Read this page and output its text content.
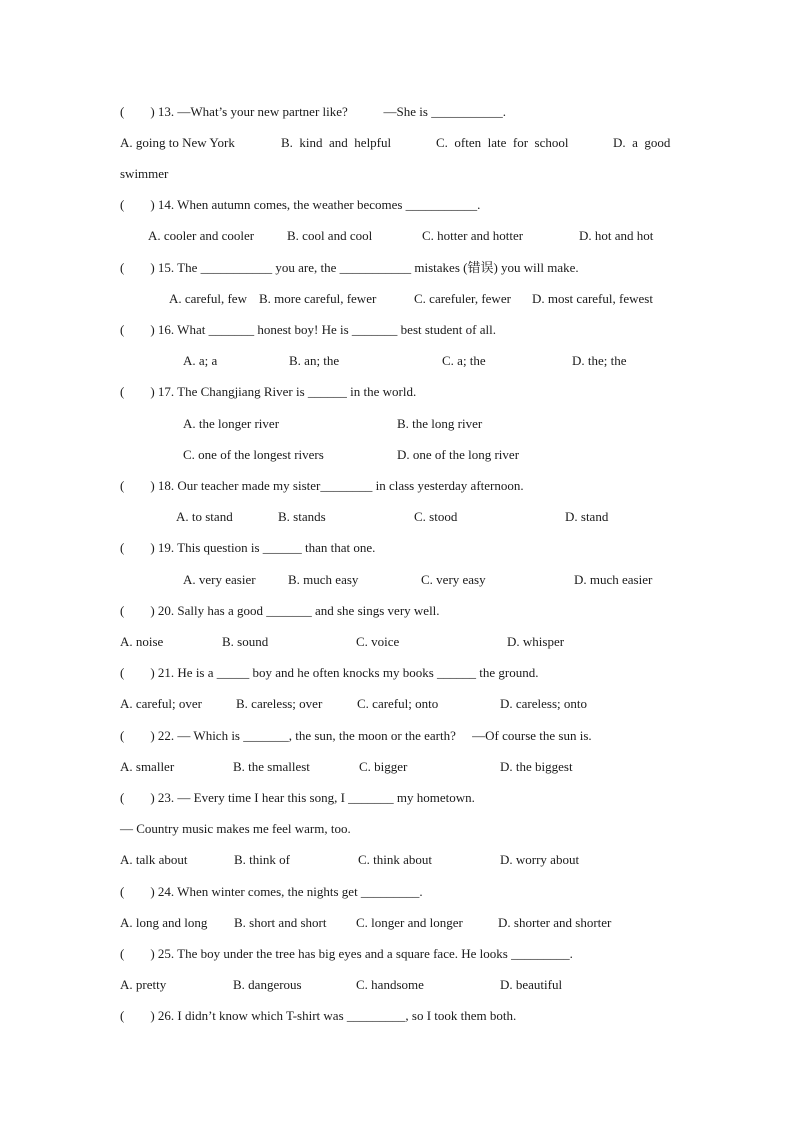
(        ) 13. —What’s your new partner like?           —She is ___________.
A. going to New York	B.  kind  and  helpful	C.  often  late  for  school	D.  a  good
swimmer
(        ) 14. When autumn comes, the weather becomes ___________.
A. cooler and cooler	B. cool and cool	C. hotter and hotter	D. hot and hot
(        ) 15. The ___________ you are, the ___________ mistakes (错误) you will make.
A. careful, few B. more careful, fewer	C. carefuler, fewer D. most careful, fewest
(        ) 16. What _______ honest boy! He is _______ best student of all.
A. a; a	B. an; the	C. a; the	D. the; the
(        ) 17. The Changjiang River is ______ in the world.
A. the longer river	B. the long river
C. one of the longest rivers	D. one of the long river
(        ) 18. Our teacher made my sister________ in class yesterday afternoon.
A. to stand	B. stands	C. stood	D. stand
(        ) 19. This question is ______ than that one.
A. very easier B. much easy	C. very easy	D. much easier
(        ) 20. Sally has a good _______ and she sings very well.
A. noise	B. sound	C. voice	D. whisper
(        ) 21. He is a _____ boy and he often knocks my books ______ the ground.
A. careful; over	B. careless; over	C. careful; onto	D. careless; onto
(        ) 22. — Which is _______, the sun, the moon or the earth?     —Of course the sun is.
A. smaller	B. the smallest	C. bigger	D. the biggest
(        ) 23. — Every time I hear this song, I _______ my hometown.
— Country music makes me feel warm, too.
A. talk about	B. think of	C. think about	D. worry about
(        ) 24. When winter comes, the nights get _________.
A. long and long B. short and short C. longer and longer	D. shorter and shorter
(        ) 25. The boy under the tree has big eyes and a square face. He looks _________.
A. pretty	B. dangerous	C. handsome	D. beautiful
(        ) 26. I didn’t know which T-shirt was _________, so I took them both.
